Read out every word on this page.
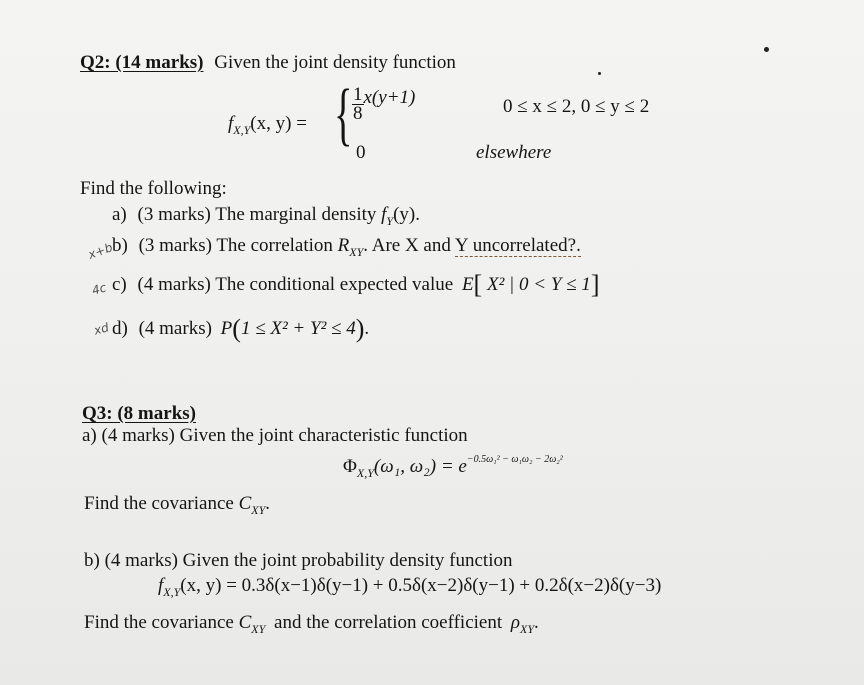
Q2: (14 marks) Given the joint density function
$f_{X,Y}(x$, y) = { $\frac{1}{8} x(y+1)$	0 ≤ x ≤ 2, 0 ≤ y ≤ 2
0	elsewhere
Find the following:
a) (3 marks) The marginal density $f_Y(y)$.
x+b
b) (3 marks) The correlation $R_{XY}$. Are X and Y uncorrelated?.
4c c) (4 marks) The conditional expected value E[ X² | 0 < Y ≤ 1]
xd d) (4 marks) P(1 ≤ X² + Y² ≤ 4).
Q3: (8 marks)
a) (4 marks) Given the joint characteristic function
$\Phi_{X,Y}(\omega_1$, $\omega_2) = e^{-0.5\omega_1^2 - \omega_1\omega_2 - 2\omega_2^2}$
Find the covariance $C_{XY}$.
b) (4 marks) Given the joint probability density function
$f_{X,Y}(x$, y) = 0.3δ(x−1)δ(y−1) + 0.5δ(x−2)δ(y−1) + 0.2δ(x−2)δ(y−3)
Find the covariance $C_{XY}$ and the correlation coefficient $\rho_{XY}$.
